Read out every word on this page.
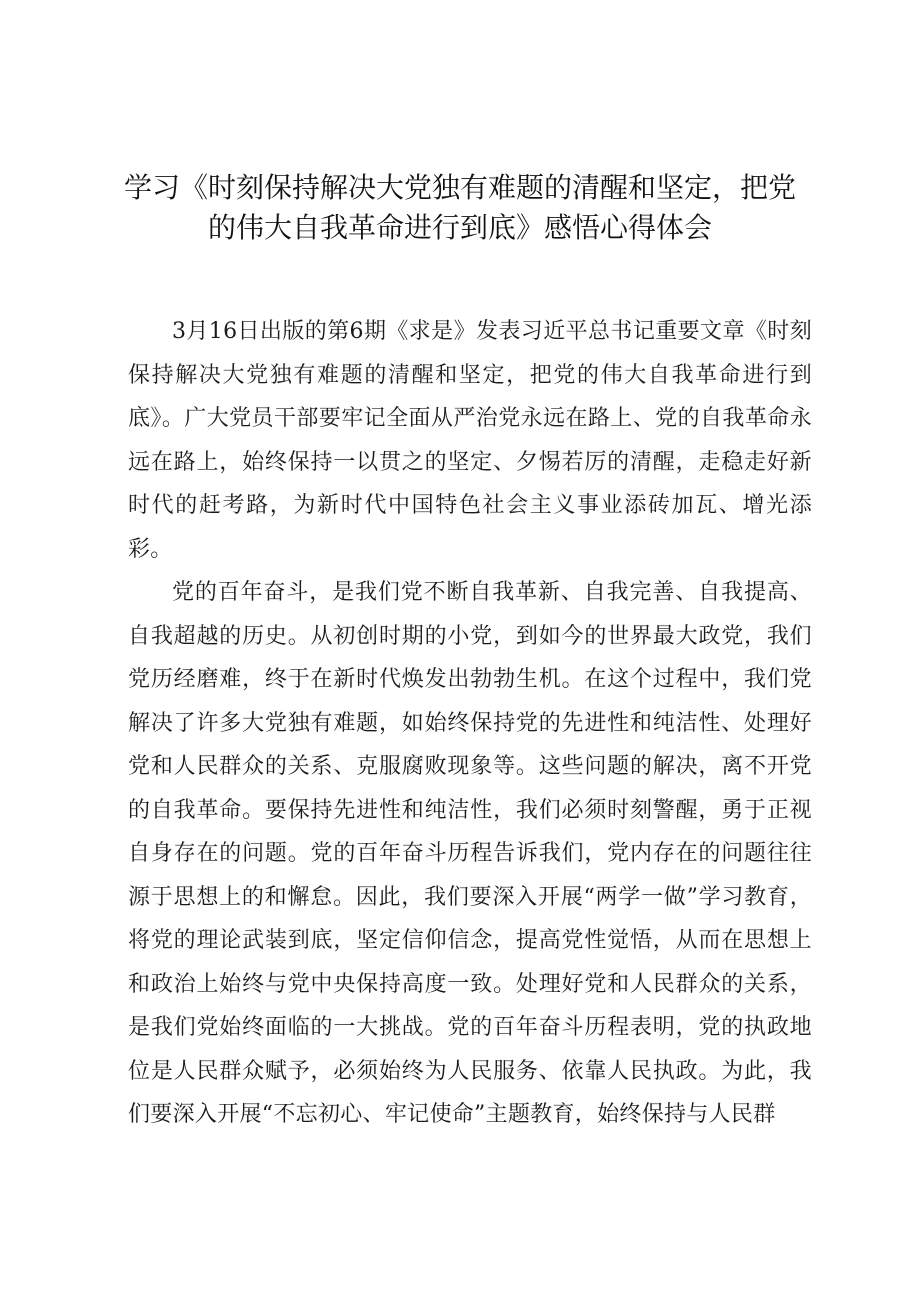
学习《时刻保持解决大党独有难题的清醒和坚定，把党
的伟大自我革命进行到底》感悟心得体会

3月16日出版的第6期《求是》发表习近平总书记重要文章《时刻保持解决大党独有难题的清醒和坚定，把党的伟大自我革命进行到底》。广大党员干部要牢记全面从严治党永远在路上、党的自我革命永远在路上，始终保持一以贯之的坚定、夕惕若厉的清醒，走稳走好新时代的赶考路，为新时代中国特色社会主义事业添砖加瓦、增光添彩。

党的百年奋斗，是我们党不断自我革新、自我完善、自我提高、自我超越的历史。从初创时期的小党，到如今的世界最大政党，我们党历经磨难，终于在新时代焕发出勃勃生机。在这个过程中，我们党解决了许多大党独有难题，如始终保持党的先进性和纯洁性、处理好党和人民群众的关系、克服腐败现象等。这些问题的解决，离不开党的自我革命。要保持先进性和纯洁性，我们必须时刻警醒，勇于正视自身存在的问题。党的百年奋斗历程告诉我们，党内存在的问题往往源于思想上的和懈怠。因此，我们要深入开展“两学一做”学习教育，将党的理论武装到底，坚定信仰信念，提高党性觉悟，从而在思想上和政治上始终与党中央保持高度一致。处理好党和人民群众的关系，是我们党始终面临的一大挑战。党的百年奋斗历程表明，党的执政地位是人民群众赋予，必须始终为人民服务、依靠人民执政。为此，我们要深入开展“不忘初心、牢记使命”主题教育，始终保持与人民群
